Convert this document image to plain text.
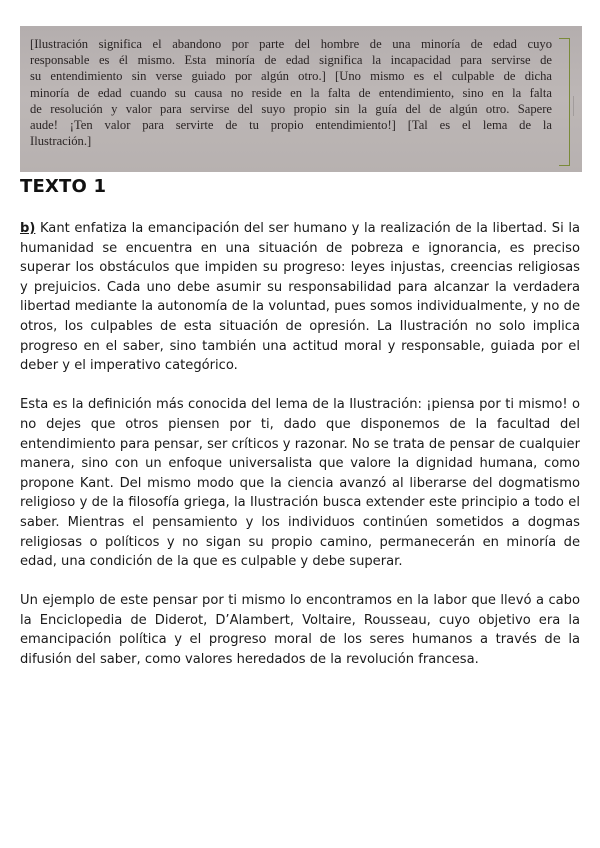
[Ilustración significa el abandono por parte del hombre de una minoría de edad cuyo
responsable es él mismo. Esta minoría de edad significa la incapacidad para servirse de
su entendimiento sin verse guiado por algún otro.] [Uno mismo es el culpable de dicha
minoría de edad cuando su causa no reside en la falta de entendimiento, sino en la falta
de resolución y valor para servirse del suyo propio sin la guía del de algún otro. Sapere
aude! ¡Ten valor para servirte de tu propio entendimiento!] [Tal es el lema de la
Ilustración.]
TEXTO 1

b) Kant enfatiza la emancipación del ser humano y la realización de la libertad. Si la humanidad se encuentra en una situación de pobreza e ignorancia, es preciso superar los obstáculos que impiden su progreso: leyes injustas, creencias religiosas y prejuicios. Cada uno debe asumir su responsabilidad para alcanzar la verdadera libertad mediante la autonomía de la voluntad, pues somos individualmente, y no de otros, los culpables de esta situación de opresión. La Ilustración no solo implica progreso en el saber, sino también una actitud moral y responsable, guiada por el deber y el imperativo categórico.

Esta es la definición más conocida del lema de la Ilustración: ¡piensa por ti mismo! o no dejes que otros piensen por ti, dado que disponemos de la facultad del entendimiento para pensar, ser críticos y razonar. No se trata de pensar de cualquier manera, sino con un enfoque universalista que valore la dignidad humana, como propone Kant. Del mismo modo que la ciencia avanzó al liberarse del dogmatismo religioso y de la filosofía griega, la Ilustración busca extender este principio a todo el saber. Mientras el pensamiento y los individuos continúen sometidos a dogmas religiosas o políticos y no sigan su propio camino, permanecerán en minoría de edad, una condición de la que es culpable y debe superar.

Un ejemplo de este pensar por ti mismo lo encontramos en la labor que llevó a cabo la Enciclopedia de Diderot, D’Alambert, Voltaire, Rousseau, cuyo objetivo era la emancipación política y el progreso moral de los seres humanos a través de la difusión del saber, como valores heredados de la revolución francesa.
